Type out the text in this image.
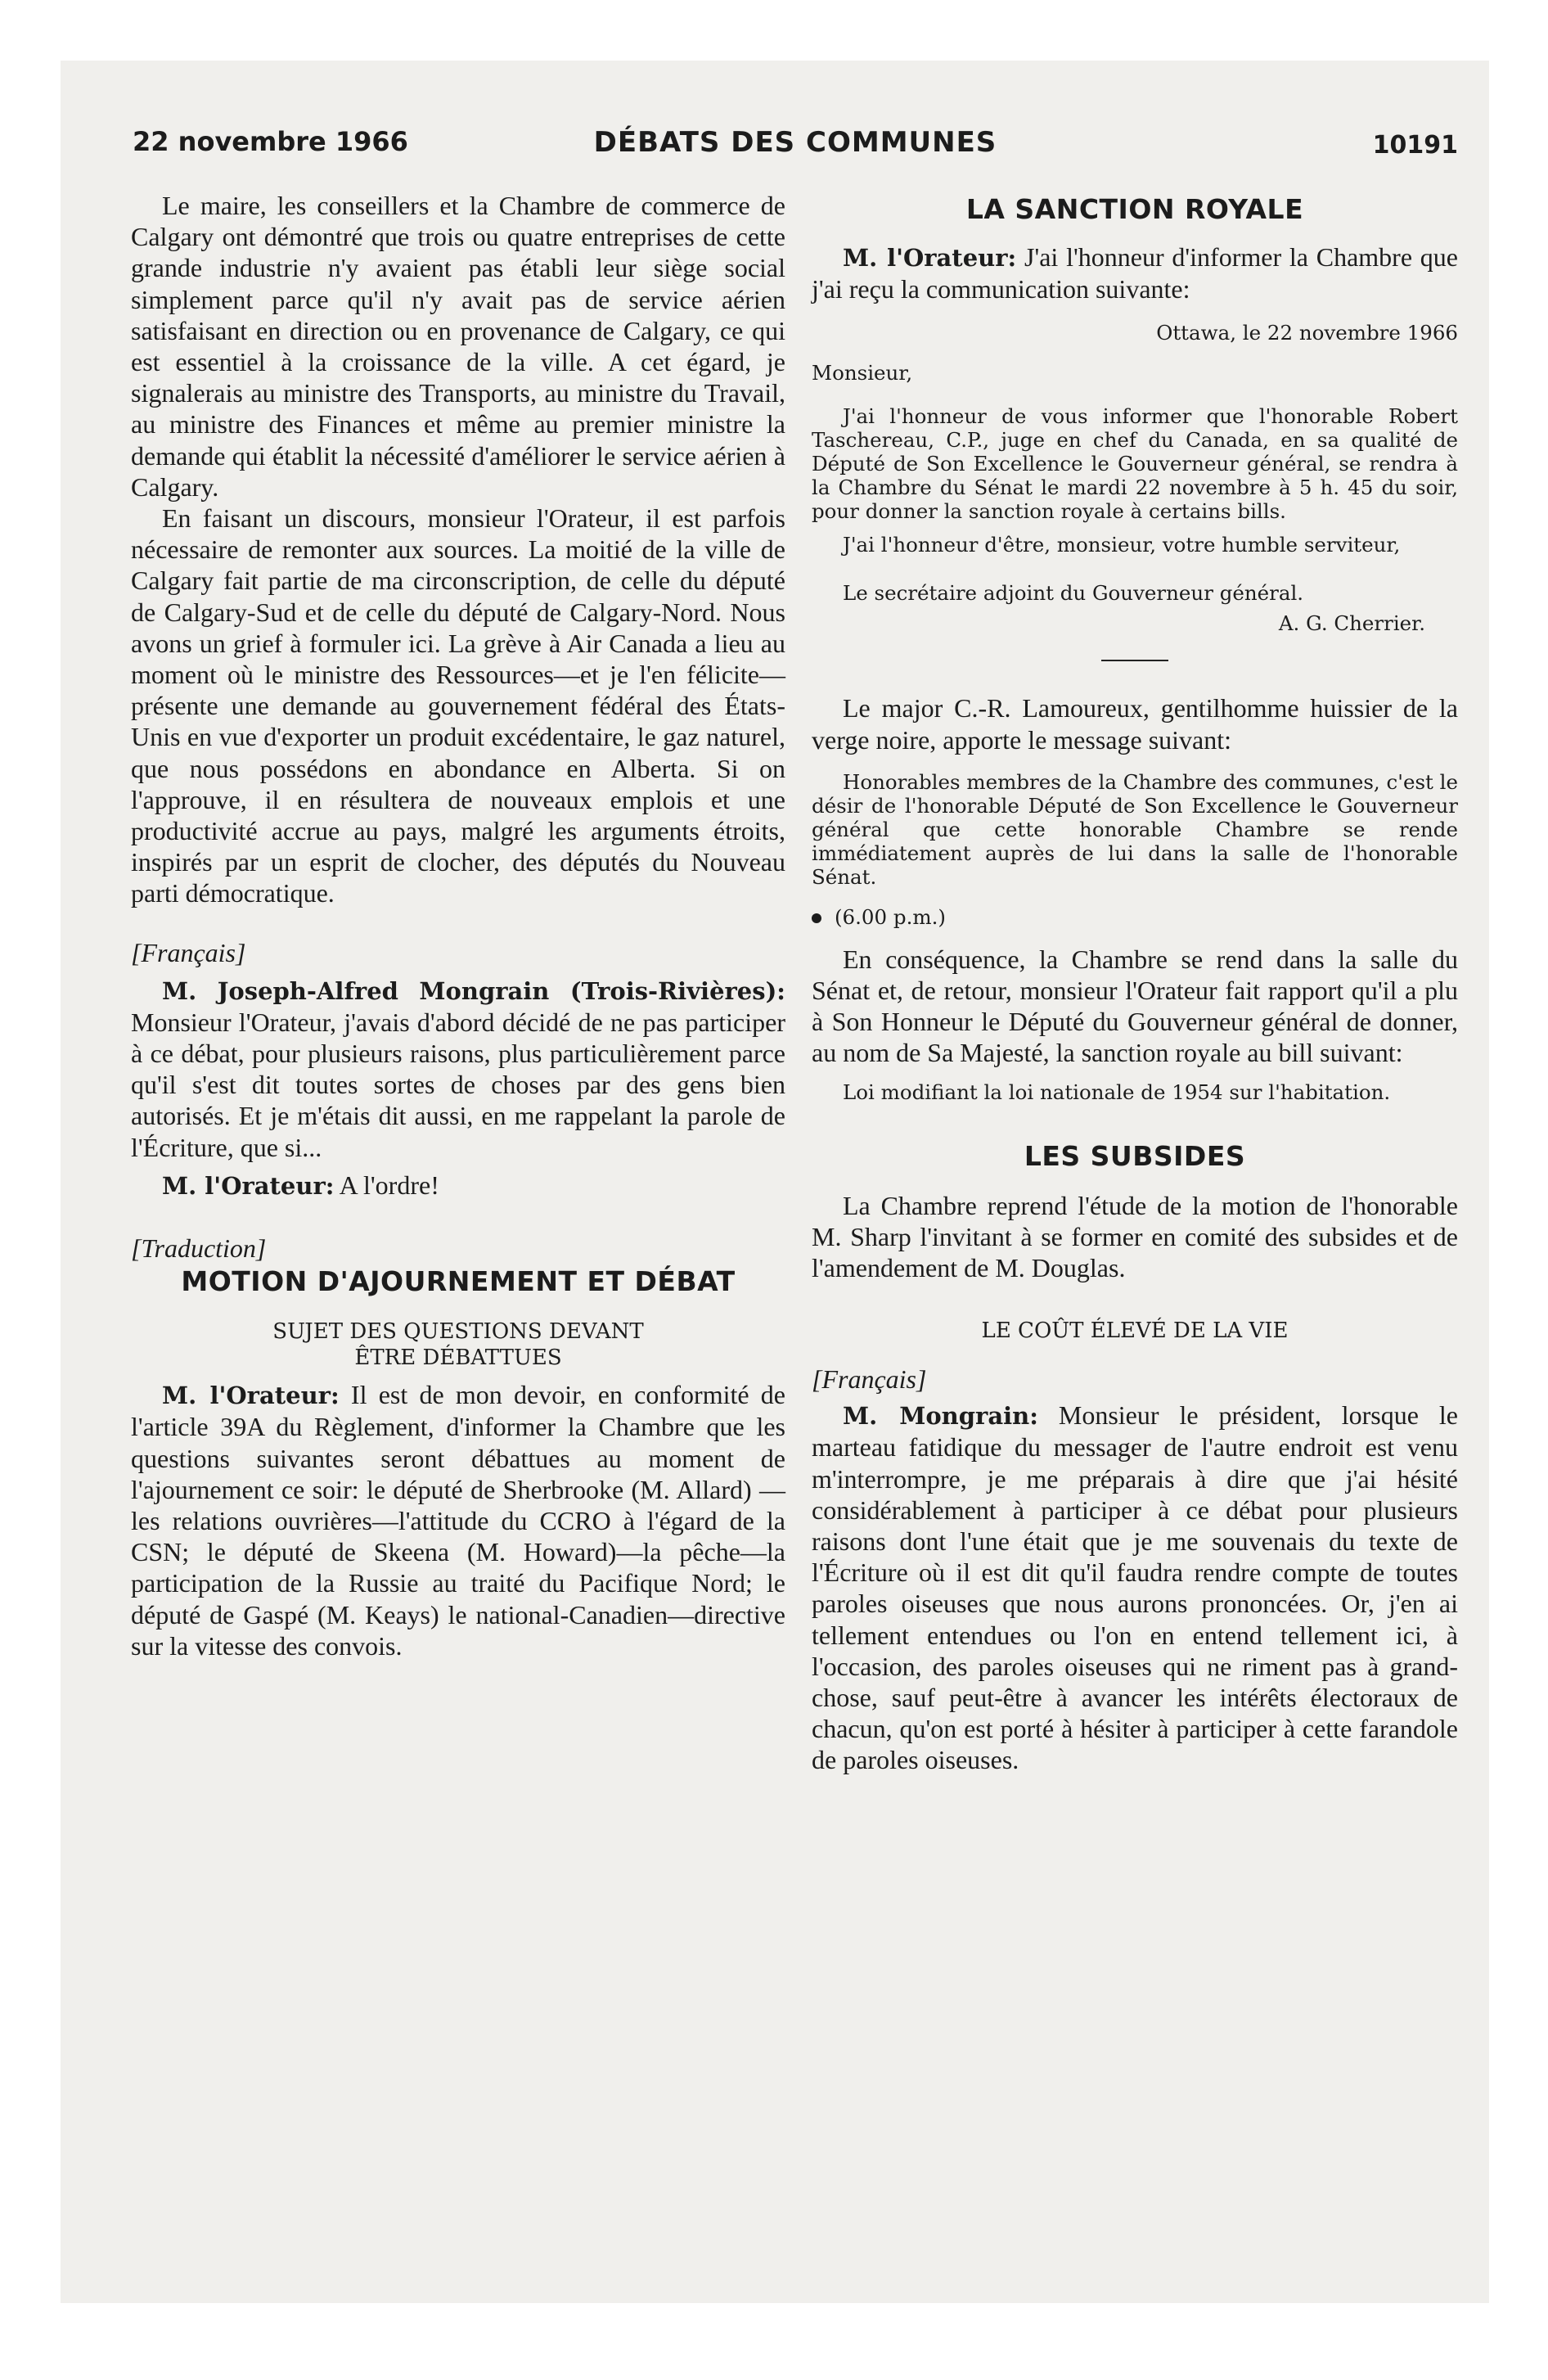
22 novembre 1966	DÉBATS DES COMMUNES	10191

Le maire, les conseillers et la Chambre de commerce de Calgary ont démontré que trois ou quatre entreprises de cette grande industrie n'y avaient pas établi leur siège social simplement parce qu'il n'y avait pas de service aérien satisfaisant en direction ou en provenance de Calgary, ce qui est essentiel à la croissance de la ville. A cet égard, je signalerais au ministre des Transports, au ministre du Travail, au ministre des Finances et même au premier ministre la demande qui établit la nécessité d'améliorer le service aérien à Calgary.

En faisant un discours, monsieur l'Orateur, il est parfois nécessaire de remonter aux sources. La moitié de la ville de Calgary fait partie de ma circonscription, de celle du député de Calgary-Sud et de celle du député de Calgary-Nord. Nous avons un grief à formuler ici. La grève à Air Canada a lieu au moment où le ministre des Ressources—et je l'en félicite—présente une demande au gouvernement fédéral des États-Unis en vue d'exporter un produit excédentaire, le gaz naturel, que nous possédons en abondance en Alberta. Si on l'approuve, il en résultera de nouveaux emplois et une productivité accrue au pays, malgré les arguments étroits, inspirés par un esprit de clocher, des députés du Nouveau parti démocratique.

[Français]

M. Joseph-Alfred Mongrain (Trois-Rivières): Monsieur l'Orateur, j'avais d'abord décidé de ne pas participer à ce débat, pour plusieurs raisons, plus particulièrement parce qu'il s'est dit toutes sortes de choses par des gens bien autorisés. Et je m'étais dit aussi, en me rappelant la parole de l'Écriture, que si...

M. l'Orateur: A l'ordre!

[Traduction]

MOTION D'AJOURNEMENT ET DÉBAT
SUJET DES QUESTIONS DEVANT
ÊTRE DÉBATTUES

M. l'Orateur: Il est de mon devoir, en conformité de l'article 39A du Règlement, d'informer la Chambre que les questions suivantes seront débattues au moment de l'ajournement ce soir: le député de Sherbrooke (M. Allard) —les relations ouvrières—l'attitude du CCRO à l'égard de la CSN; le député de Skeena (M. Howard)—la pêche—la participation de la Russie au traité du Pacifique Nord; le député de Gaspé (M. Keays) le national-Canadien—directive sur la vitesse des convois.

LA SANCTION ROYALE

M. l'Orateur: J'ai l'honneur d'informer la Chambre que j'ai reçu la communication suivante:

Ottawa, le 22 novembre 1966

Monsieur,

J'ai l'honneur de vous informer que l'honorable Robert Taschereau, C.P., juge en chef du Canada, en sa qualité de Député de Son Excellence le Gouverneur général, se rendra à la Chambre du Sénat le mardi 22 novembre à 5 h. 45 du soir, pour donner la sanction royale à certains bills.

J'ai l'honneur d'être, monsieur, votre humble serviteur,

Le secrétaire adjoint du Gouverneur général.

A. G. Cherrier.

Le major C.-R. Lamoureux, gentilhomme huissier de la verge noire, apporte le message suivant:

Honorables membres de la Chambre des communes, c'est le désir de l'honorable Député de Son Excellence le Gouverneur général que cette honorable Chambre se rende immédiatement auprès de lui dans la salle de l'honorable Sénat.

(6.00 p.m.)

En conséquence, la Chambre se rend dans la salle du Sénat et, de retour, monsieur l'Orateur fait rapport qu'il a plu à Son Honneur le Député du Gouverneur général de donner, au nom de Sa Majesté, la sanction royale au bill suivant:

Loi modifiant la loi nationale de 1954 sur l'habitation.

LES SUBSIDES

La Chambre reprend l'étude de la motion de l'honorable M. Sharp l'invitant à se former en comité des subsides et de l'amendement de M. Douglas.

LE COÛT ÉLEVÉ DE LA VIE

[Français]

M. Mongrain: Monsieur le président, lorsque le marteau fatidique du messager de l'autre endroit est venu m'interrompre, je me préparais à dire que j'ai hésité considérablement à participer à ce débat pour plusieurs raisons dont l'une était que je me souvenais du texte de l'Écriture où il est dit qu'il faudra rendre compte de toutes paroles oiseuses que nous aurons prononcées. Or, j'en ai tellement entendues ou l'on en entend tellement ici, à l'occasion, des paroles oiseuses qui ne riment pas à grand-chose, sauf peut-être à avancer les intérêts électoraux de chacun, qu'on est porté à hésiter à participer à cette farandole de paroles oiseuses.
